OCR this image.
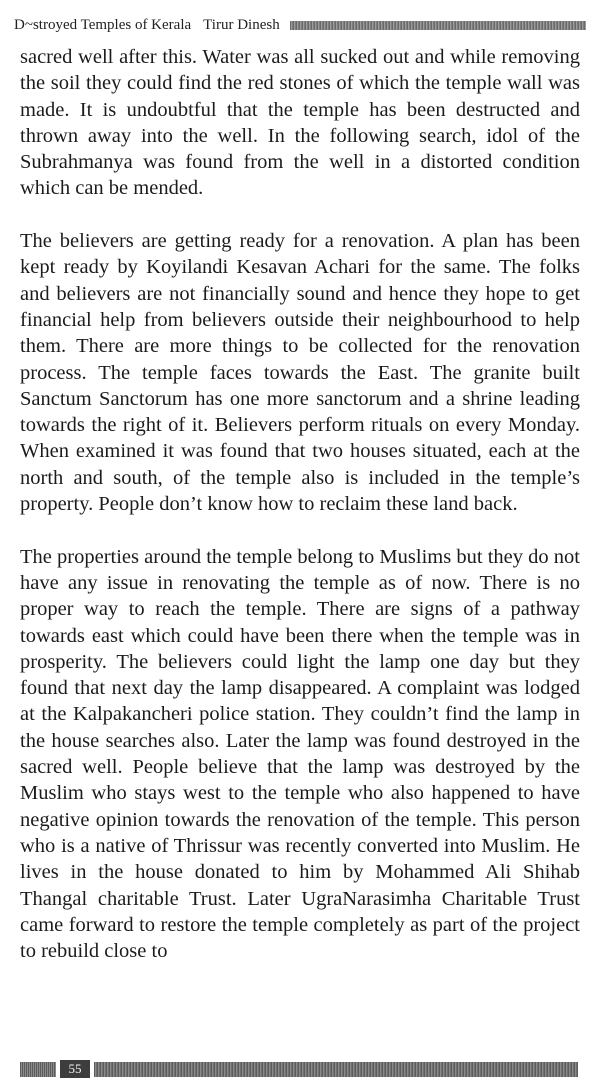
D~stroyed Temples of Kerala Tirur Dinesh

sacred well after this. Water was all sucked out and while removing the soil they could find the red stones of which the temple wall was made. It is undoubtful that the temple has been destructed and thrown away into the well. In the following search, idol of the Subrahmanya was found from the well in a distorted condition which can be mended.

The believers are getting ready for a renovation. A plan has been kept ready by Koyilandi Kesavan Achari for the same. The folks and believers are not financially sound and hence they hope to get financial help from believers outside their neighbourhood to help them. There are more things to be collected for the renovation process. The temple faces towards the East. The granite built Sanctum Sanctorum has one more sanctorum and a shrine leading towards the right of it. Believers perform rituals on every Monday. When examined it was found that two houses situated, each at the north and south, of the temple also is included in the temple’s property. People don’t know how to reclaim these land back.

The properties around the temple belong to Muslims but they do not have any issue in renovating the temple as of now. There is no proper way to reach the temple. There are signs of a pathway towards east which could have been there when the temple was in prosperity. The believers could light the lamp one day but they found that next day the lamp disappeared. A complaint was lodged at the Kalpakancheri police station. They couldn’t find the lamp in the house searches also. Later the lamp was found destroyed in the sacred well. People believe that the lamp was destroyed by the Muslim who stays west to the temple who also happened to have negative opinion towards the renovation of the temple. This person who is a native of Thrissur was recently converted into Muslim. He lives in the house donated to him by Mohammed Ali Shihab Thangal charitable Trust. Later UgraNarasimha Charitable Trust came forward to restore the temple completely as part of the project to rebuild close to

55
